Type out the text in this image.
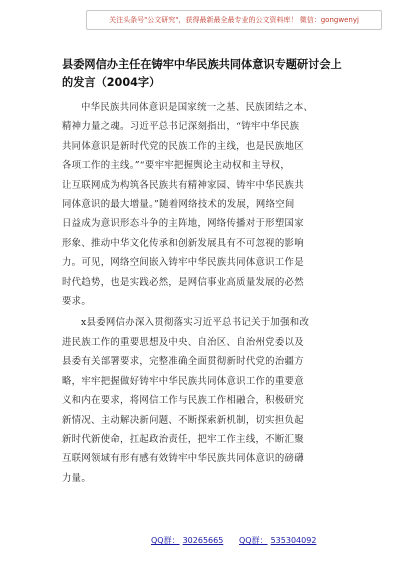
关注头条号"公文研究"，获得最新最全最专业的公文资料库！ 微信：gongwenyj
县委网信办主任在铸牢中华民族共同体意识专题研讨会上
的发言（2004字）
中华民族共同体意识是国家统一之基、民族团结之本、
精神力量之魂。习近平总书记深刻指出，“铸牢中华民族
共同体意识是新时代党的民族工作的主线，也是民族地区
各项工作的主线。”“要牢牢把握舆论主动权和主导权，
让互联网成为构筑各民族共有精神家园、铸牢中华民族共
同体意识的最大增量。”随着网络技术的发展，网络空间
日益成为意识形态斗争的主阵地，网络传播对于形塑国家
形象、推动中华文化传承和创新发展具有不可忽视的影响
力。可见，网络空间嵌入铸牢中华民族共同体意识工作是
时代趋势，也是实践必然，是网信事业高质量发展的必然
要求。
x县委网信办深入贯彻落实习近平总书记关于加强和改
进民族工作的重要思想及中央、自治区、自治州党委以及
县委有关部署要求，完整准确全面贯彻新时代党的治疆方
略，牢牢把握做好铸牢中华民族共同体意识工作的重要意
义和内在要求，将网信工作与民族工作相融合，积极研究
新情况、主动解决新问题、不断探索新机制，切实担负起
新时代新使命，扛起政治责任，把牢工作主线，不断汇聚
互联网领域有形有感有效铸牢中华民族共同体意识的磅礴
力量。
QQ群： 30265665 QQ群： 535304092
